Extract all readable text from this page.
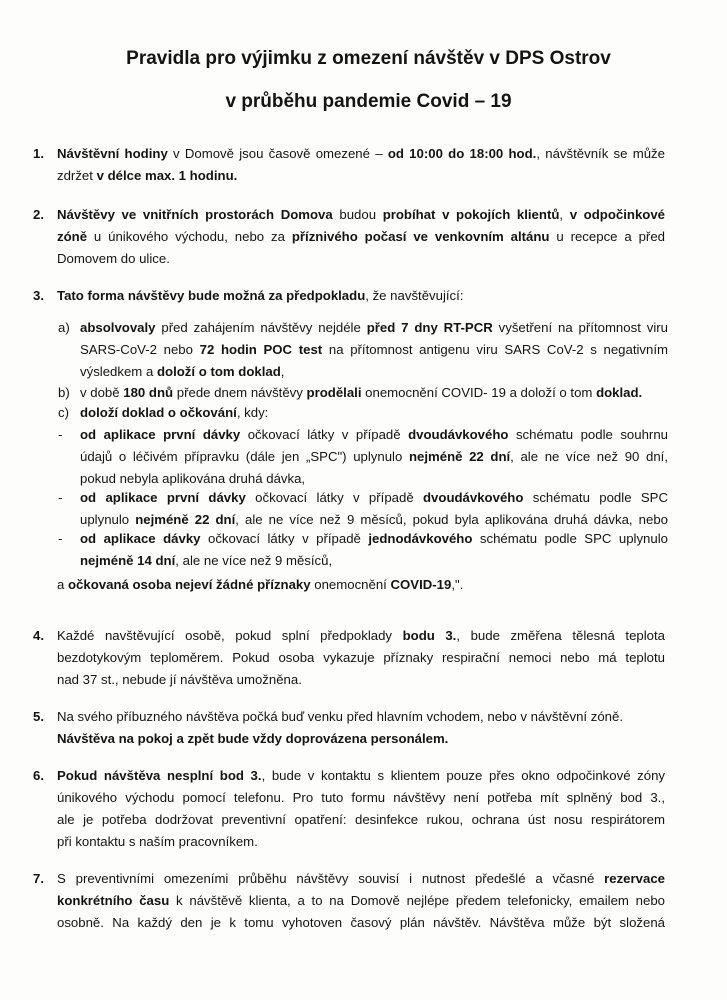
Pravidla pro výjimku z omezení návštěv v DPS Ostrov
v průběhu pandemie Covid – 19
1. Návštěvní hodiny v Domově jsou časově omezené – od 10:00 do 18:00 hod., návštěvník se může
zdržet v délce max. 1 hodinu.
2. Návštěvy ve vnitřních prostorách Domova budou probíhat v pokojích klientů, v odpočinkové
zóně u únikového východu, nebo za příznivého počasí ve venkovním altánu u recepce a před
Domovem do ulice.
3. Tato forma návštěvy bude možná za předpokladu, že navštěvující:
a) absolvovaly před zahájením návštěvy nejdéle před 7 dny RT-PCR vyšetření na přítomnost viru
SARS-CoV-2 nebo 72 hodin POC test na přítomnost antigenu viru SARS CoV-2 s negativním
výsledkem a doloží o tom doklad,
b) v době 180 dnů přede dnem návštěvy prodělali onemocnění COVID- 19 a doloží o tom doklad.
c) doloží doklad o očkování, kdy:
- od aplikace první dávky očkovací látky v případě dvoudávkového schématu podle souhrnu
údajů o léčivém přípravku (dále jen „SPC") uplynulo nejméně 22 dní, ale ne více než 90 dní,
pokud nebyla aplikována druhá dávka,
- od aplikace první dávky očkovací látky v případě dvoudávkového schématu podle SPC
uplynulo nejméně 22 dní, ale ne více než 9 měsíců, pokud byla aplikována druhá dávka, nebo
- od aplikace dávky očkovací látky v případě jednodávkového schématu podle SPC uplynulo
nejméně 14 dní, ale ne více než 9 měsíců,
a očkovaná osoba nejeví žádné příznaky onemocnění COVID-19,".
4. Každé navštěvující osobě, pokud splní předpoklady bodu 3., bude změřena tělesná teplota
bezdotykovým teploměrem. Pokud osoba vykazuje příznaky respirační nemoci nebo má teplotu
nad 37 st., nebude jí návštěva umožněna.
5. Na svého příbuzného návštěva počká buď venku před hlavním vchodem, nebo v návštěvní zóně.
Návštěva na pokoj a zpět bude vždy doprovázena personálem.
6. Pokud návštěva nesplní bod 3., bude v kontaktu s klientem pouze přes okno odpočinkové zóny
únikového východu pomocí telefonu. Pro tuto formu návštěvy není potřeba mít splněný bod 3.,
ale je potřeba dodržovat preventivní opatření: desinfekce rukou, ochrana úst nosu respirátorem
při kontaktu s naším pracovníkem.
7. S preventivními omezeními průběhu návštěvy souvisí i nutnost předešlé a včasné rezervace
konkrétního času k návštěvě klienta, a to na Domově nejlépe předem telefonicky, emailem nebo
osobně. Na každý den je k tomu vyhotoven časový plán návštěv. Návštěva může být složená
